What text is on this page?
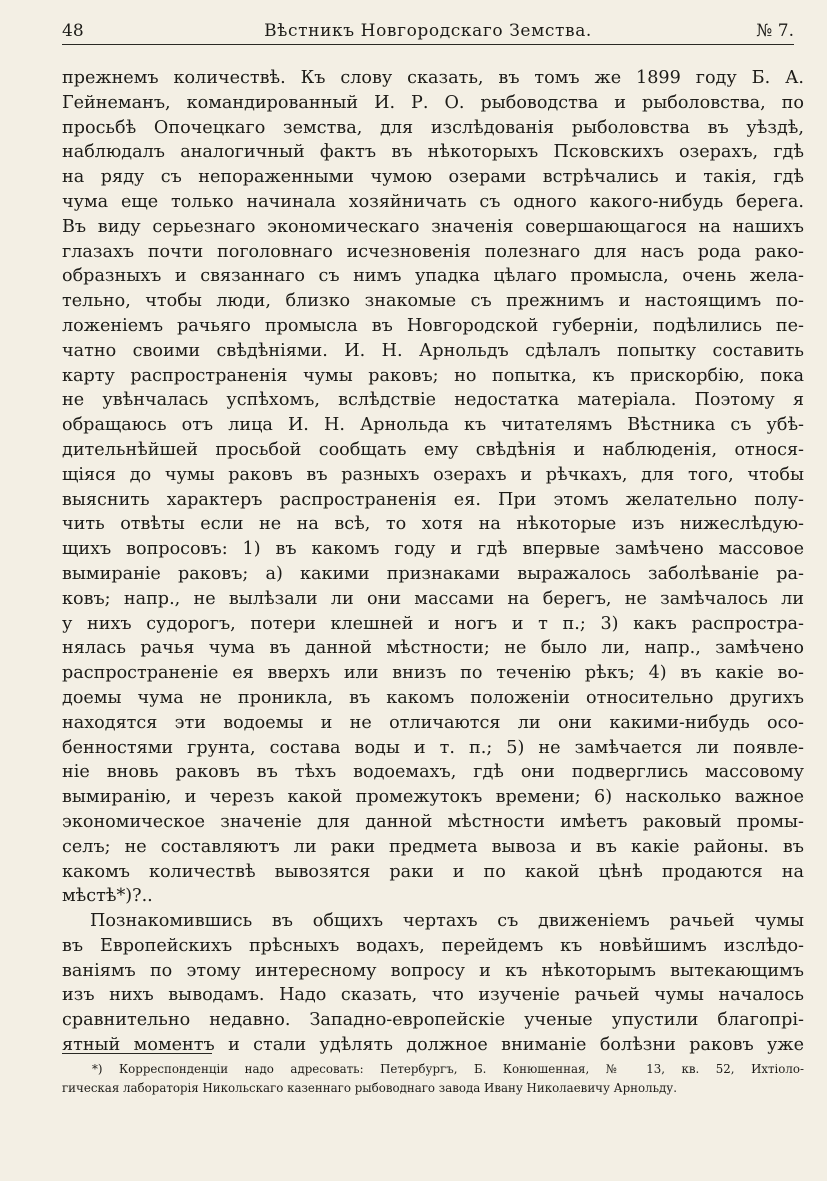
48	Вѣстникъ Новгородскаго Земства.	№ 7.
прежнемъ количествѣ. Къ слову сказать, въ томъ же 1899 году Б. А.
Гейнеманъ, командированный И. Р. О. рыбоводства и рыболовства, по
просьбѣ Опочецкаго земства, для изслѣдованія рыболовства въ уѣздѣ,
наблюдалъ аналогичный фактъ въ нѣкоторыхъ Псковскихъ озерахъ, гдѣ
на ряду съ непораженными чумою озерами встрѣчались и такія, гдѣ
чума еще только начинала хозяйничать съ одного какого-нибудь берега.
Въ виду серьезнаго экономическаго значенія совершающагося на нашихъ
глазахъ почти поголовнаго исчезновенія полезнаго для насъ рода рако-
образныхъ и связаннаго съ нимъ упадка цѣлаго промысла, очень жела-
тельно, чтобы люди, близко знакомые съ прежнимъ и настоящимъ по-
ложеніемъ рачьяго промысла въ Новгородской губерніи, подѣлились пе-
чатно своими свѣдѣніями. И. Н. Арнольдъ сдѣлалъ попытку составить
карту распространенія чумы раковъ; но попытка, къ прискорбію, пока
не увѣнчалась успѣхомъ, вслѣдствіе недостатка матеріала. Поэтому я
обращаюсь отъ лица И. Н. Арнольда къ читателямъ Вѣстника съ убѣ-
дительнѣйшей просьбой сообщать ему свѣдѣнія и наблюденія, относя-
щіяся до чумы раковъ въ разныхъ озерахъ и рѣчкахъ, для того, чтобы
выяснить характеръ распространенія ея. При этомъ желательно полу-
чить отвѣты если не на всѣ, то хотя на нѣкоторые изъ нижеслѣдую-
щихъ вопросовъ: 1) въ какомъ году и гдѣ впервые замѣчено массовое
вымираніе раковъ; а) какими признаками выражалось заболѣваніе ра-
ковъ; напр., не вылѣзали ли они массами на берегъ, не замѣчалось ли
у нихъ судорогъ, потери клешней и ногъ и т п.; 3) какъ распростра-
нялась рачья чума въ данной мѣстности; не было ли, напр., замѣчено
распространеніе ея вверхъ или внизъ по теченію рѣкъ; 4) въ какіе во-
доемы чума не проникла, въ какомъ положеніи относительно другихъ
находятся эти водоемы и не отличаются ли они какими-нибудь осо-
бенностями грунта, состава воды и т. п.; 5) не замѣчается ли появле-
ніе вновь раковъ въ тѣхъ водоемахъ, гдѣ они подверглись массовому
вымиранію, и черезъ какой промежутокъ времени; 6) насколько важное
экономическое значеніе для данной мѣстности имѣетъ раковый промы-
селъ; не составляютъ ли раки предмета вывоза и въ какіе районы. въ
какомъ количествѣ вывозятся раки и по какой цѣнѣ продаются на
мѣстѣ*)?..
Познакомившись въ общихъ чертахъ съ движеніемъ рачьей чумы
въ Европейскихъ прѣсныхъ водахъ, перейдемъ къ новѣйшимъ изслѣдо-
ваніямъ по этому интересному вопросу и къ нѣкоторымъ вытекающимъ
изъ нихъ выводамъ. Надо сказать, что изученіе рачьей чумы началось
сравнительно недавно. Западно-европейскіе ученые упустили благопрі-
ятный моментъ и стали удѣлять должное вниманіе болѣзни раковъ уже
*) Корреспонденціи надо адресовать: Петербургъ, Б. Конюшенная, № 13, кв. 52, Ихтіоло-
гическая лабораторія Никольскаго казеннаго рыбоводнаго завода Ивану Николаевичу Арнольду.
